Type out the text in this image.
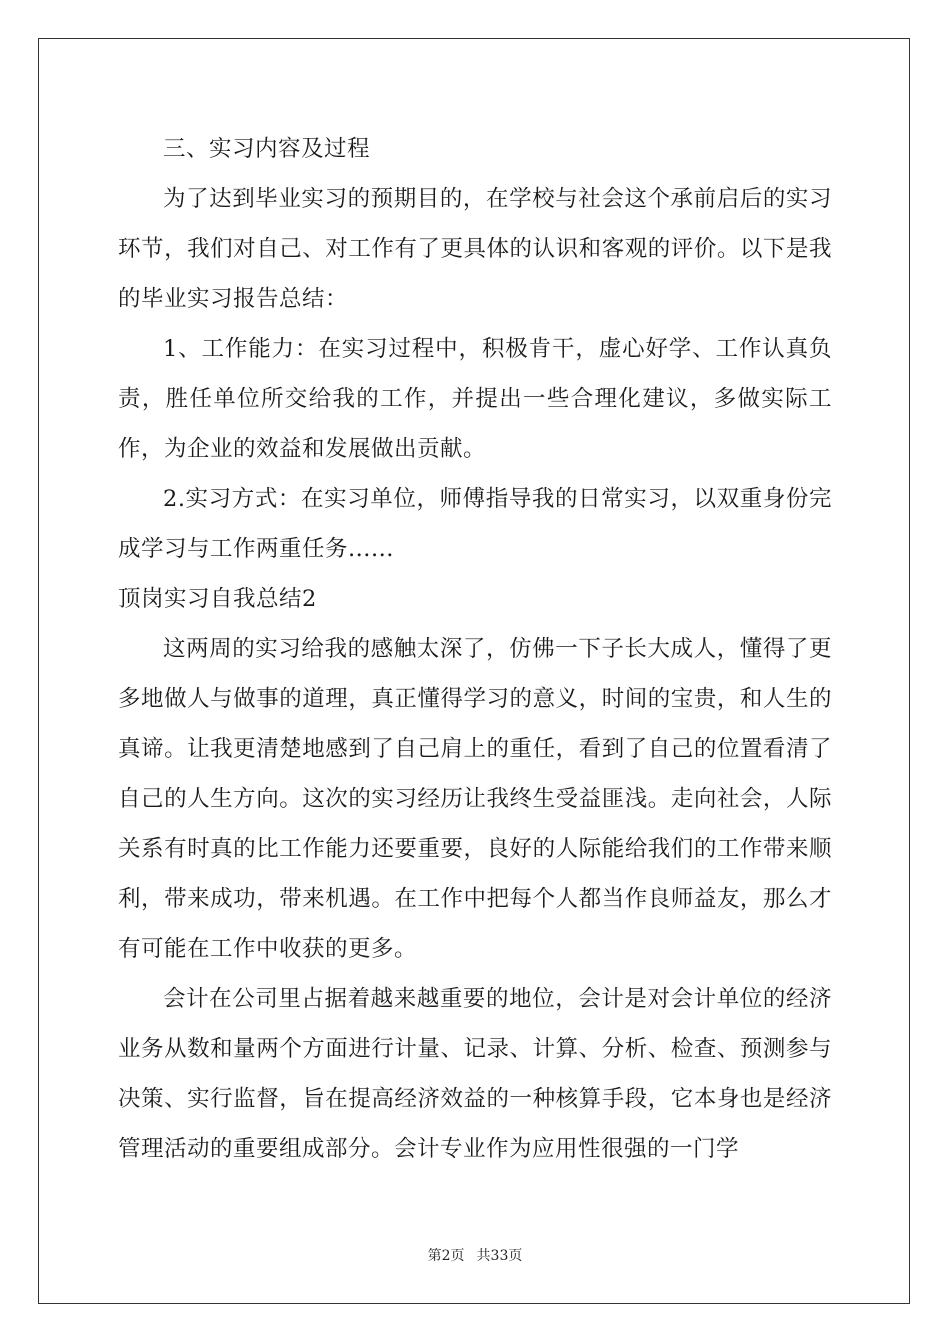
三、实习内容及过程

为了达到毕业实习的预期目的，在学校与社会这个承前启后的实习环节，我们对自己、对工作有了更具体的认识和客观的评价。以下是我的毕业实习报告总结：

1、工作能力：在实习过程中，积极肯干，虚心好学、工作认真负责，胜任单位所交给我的工作，并提出一些合理化建议，多做实际工作，为企业的效益和发展做出贡献。

2.实习方式：在实习单位，师傅指导我的日常实习，以双重身份完成学习与工作两重任务......

顶岗实习自我总结2

这两周的实习给我的感触太深了，仿佛一下子长大成人，懂得了更多地做人与做事的道理，真正懂得学习的意义，时间的宝贵，和人生的真谛。让我更清楚地感到了自己肩上的重任，看到了自己的位置看清了自己的人生方向。这次的实习经历让我终生受益匪浅。走向社会，人际关系有时真的比工作能力还要重要，良好的人际能给我们的工作带来顺利，带来成功，带来机遇。在工作中把每个人都当作良师益友，那么才有可能在工作中收获的更多。

会计在公司里占据着越来越重要的地位，会计是对会计单位的经济业务从数和量两个方面进行计量、记录、计算、分析、检查、预测参与决策、实行监督，旨在提高经济效益的一种核算手段，它本身也是经济管理活动的重要组成部分。会计专业作为应用性很强的一门学

第2页 共33页
